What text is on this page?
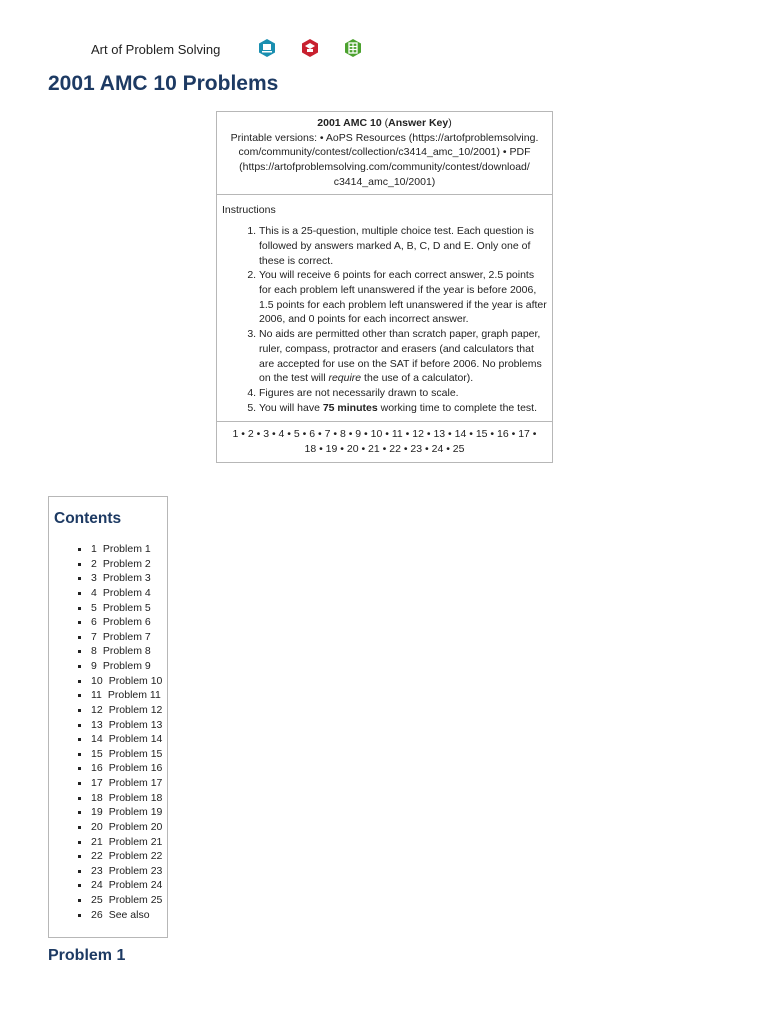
Art of Problem Solving
2001 AMC 10 Problems
2001 AMC 10 (Answer Key)
Printable versions: • AoPS Resources (https://artofproblemsolving.
com/community/contest/collection/c3414_amc_10/2001) • PDF
(https://artofproblemsolving.com/community/contest/download/
c3414_amc_10/2001)
Instructions
1. This is a 25-question, multiple choice test. Each question is followed by answers marked A, B, C, D and E. Only one of these is correct.
2. You will receive 6 points for each correct answer, 2.5 points for each problem left unanswered if the year is before 2006, 1.5 points for each problem left unanswered if the year is after 2006, and 0 points for each incorrect answer.
3. No aids are permitted other than scratch paper, graph paper, ruler, compass, protractor and erasers (and calculators that are accepted for use on the SAT if before 2006. No problems on the test will require the use of a calculator).
4. Figures are not necessarily drawn to scale.
5. You will have 75 minutes working time to complete the test.
1 • 2 • 3 • 4 • 5 • 6 • 7 • 8 • 9 • 10 • 11 • 12 • 13 • 14 • 15 • 16 • 17 •
18 • 19 • 20 • 21 • 22 • 23 • 24 • 25
Contents
1 Problem 1
2 Problem 2
3 Problem 3
4 Problem 4
5 Problem 5
6 Problem 6
7 Problem 7
8 Problem 8
9 Problem 9
10 Problem 10
11 Problem 11
12 Problem 12
13 Problem 13
14 Problem 14
15 Problem 15
16 Problem 16
17 Problem 17
18 Problem 18
19 Problem 19
20 Problem 20
21 Problem 21
22 Problem 22
23 Problem 23
24 Problem 24
25 Problem 25
26 See also
Problem 1
